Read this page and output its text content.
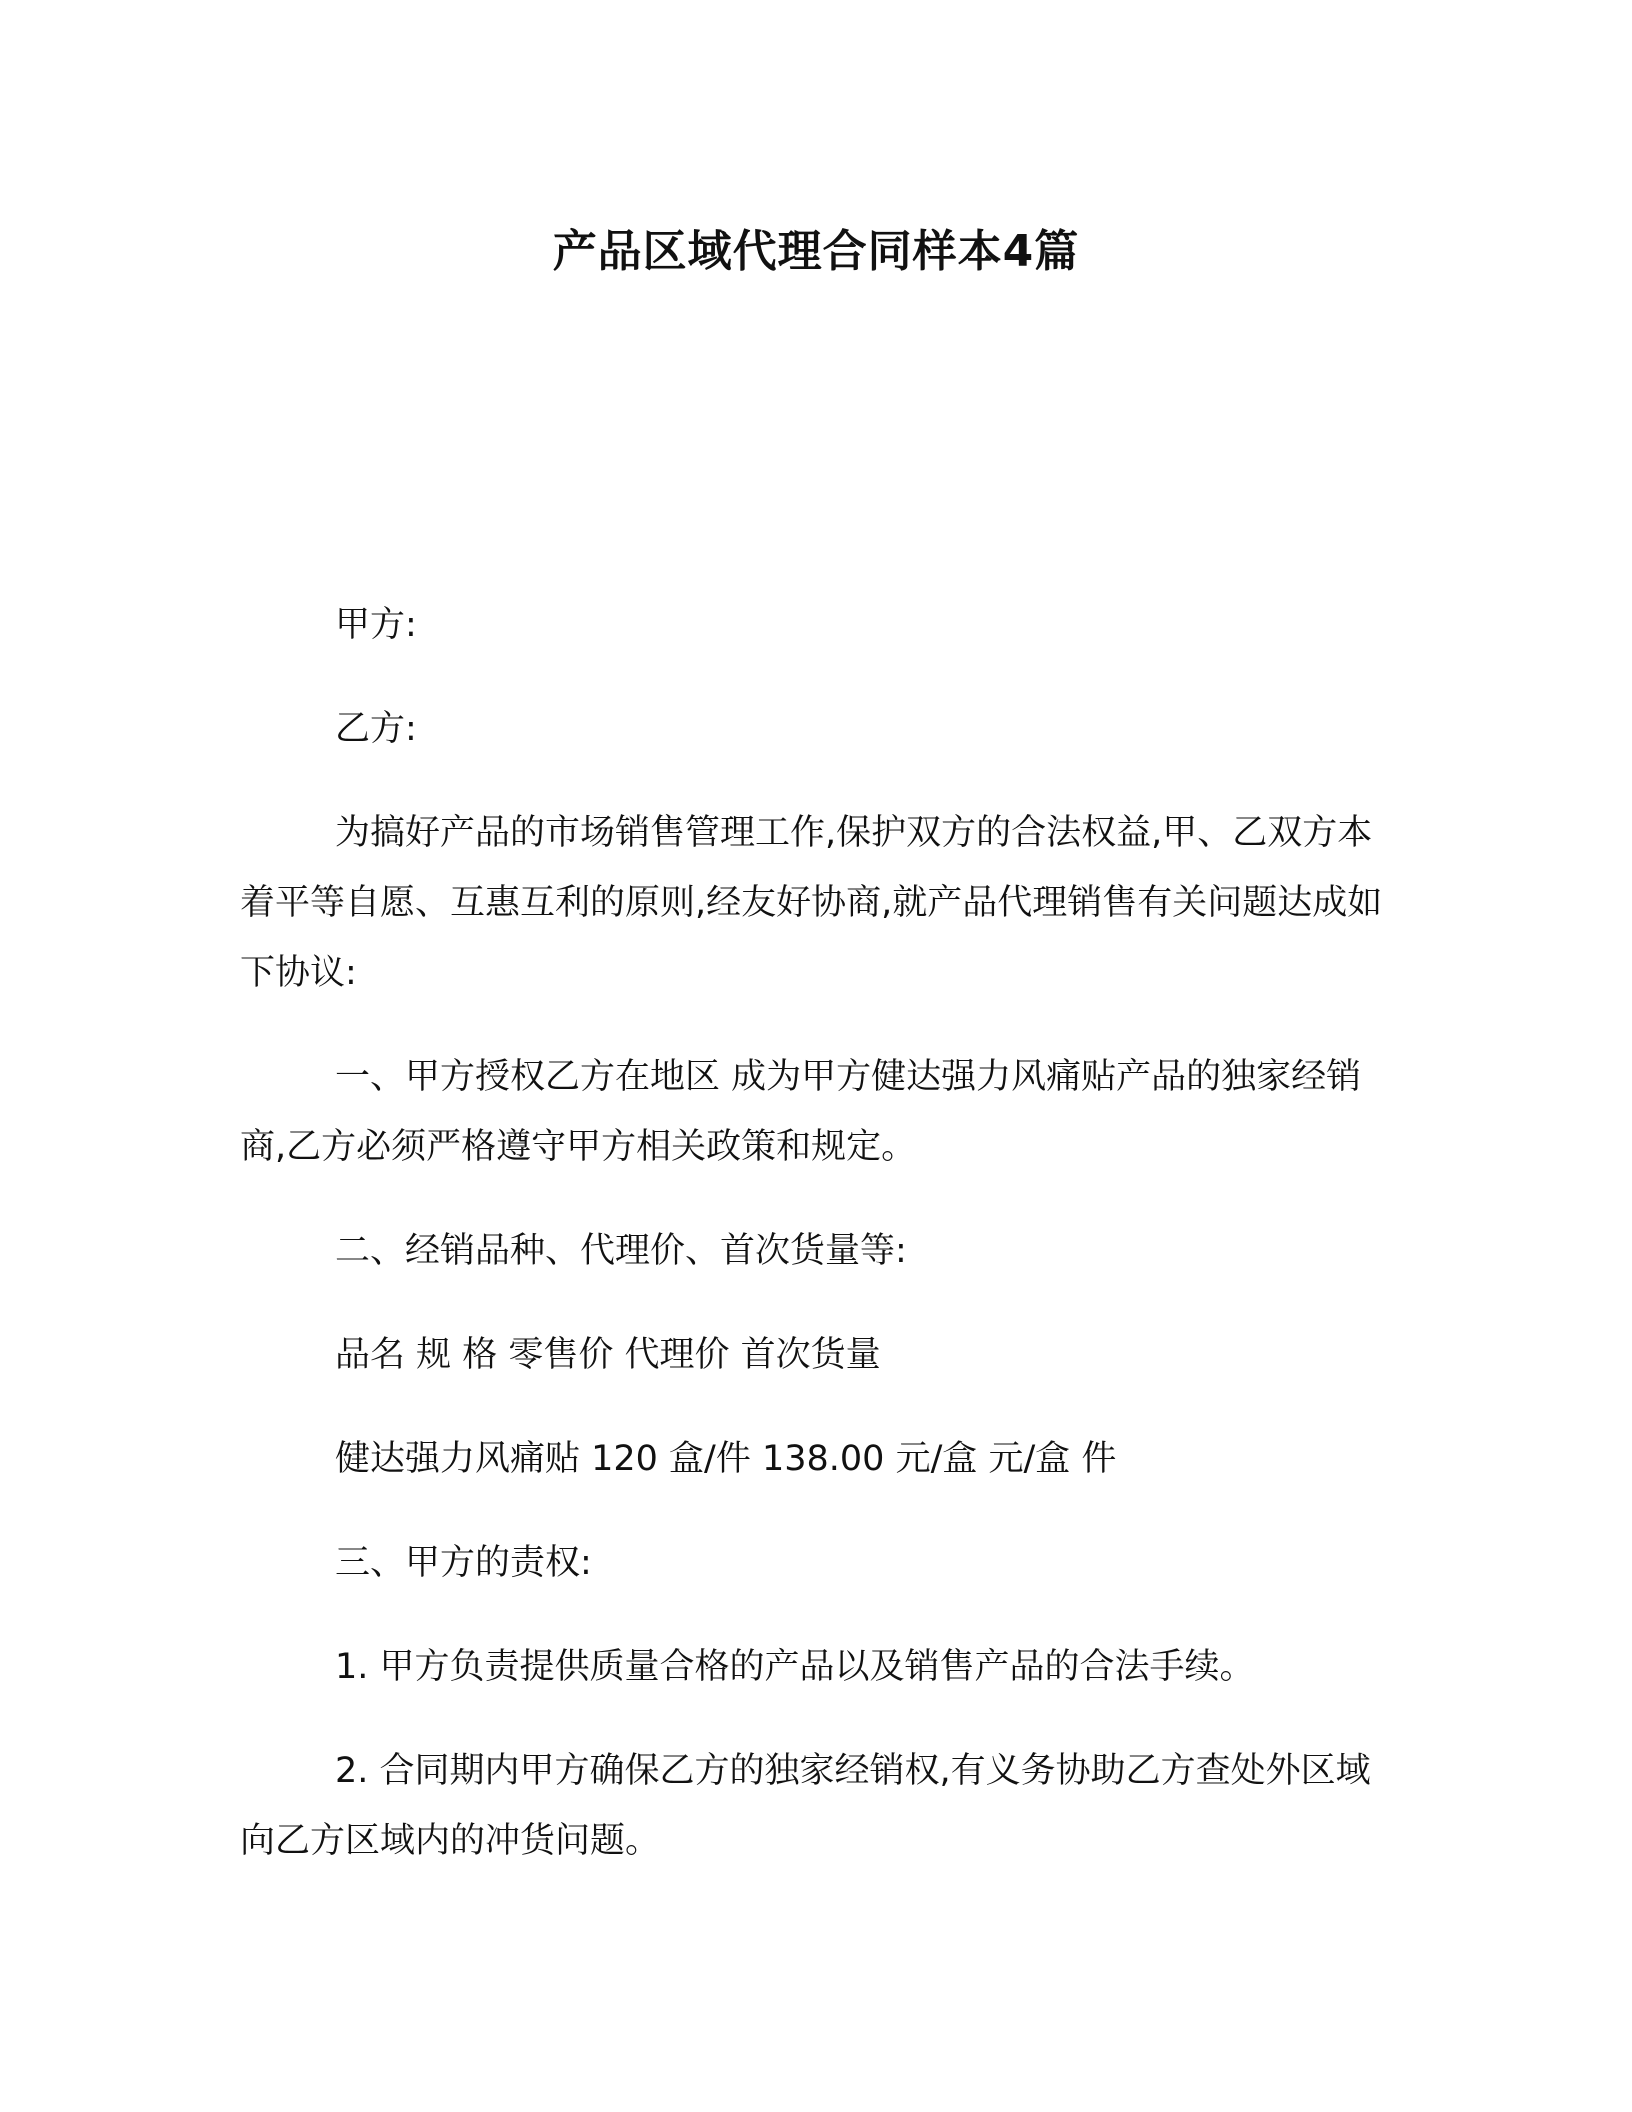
产品区域代理合同样本4篇

甲方:

乙方:

为搞好产品的市场销售管理工作,保护双方的合法权益,甲、乙双方本着平等自愿、互惠互利的原则,经友好协商,就产品代理销售有关问题达成如下协议:

一、甲方授权乙方在地区 成为甲方健达强力风痛贴产品的独家经销商,乙方必须严格遵守甲方相关政策和规定。

二、经销品种、代理价、首次货量等:

品名 规 格 零售价 代理价 首次货量

健达强力风痛贴 120 盒/件 138.00 元/盒 元/盒 件

三、甲方的责权:

1. 甲方负责提供质量合格的产品以及销售产品的合法手续。

2. 合同期内甲方确保乙方的独家经销权,有义务协助乙方查处外区域向乙方区域内的冲货问题。
